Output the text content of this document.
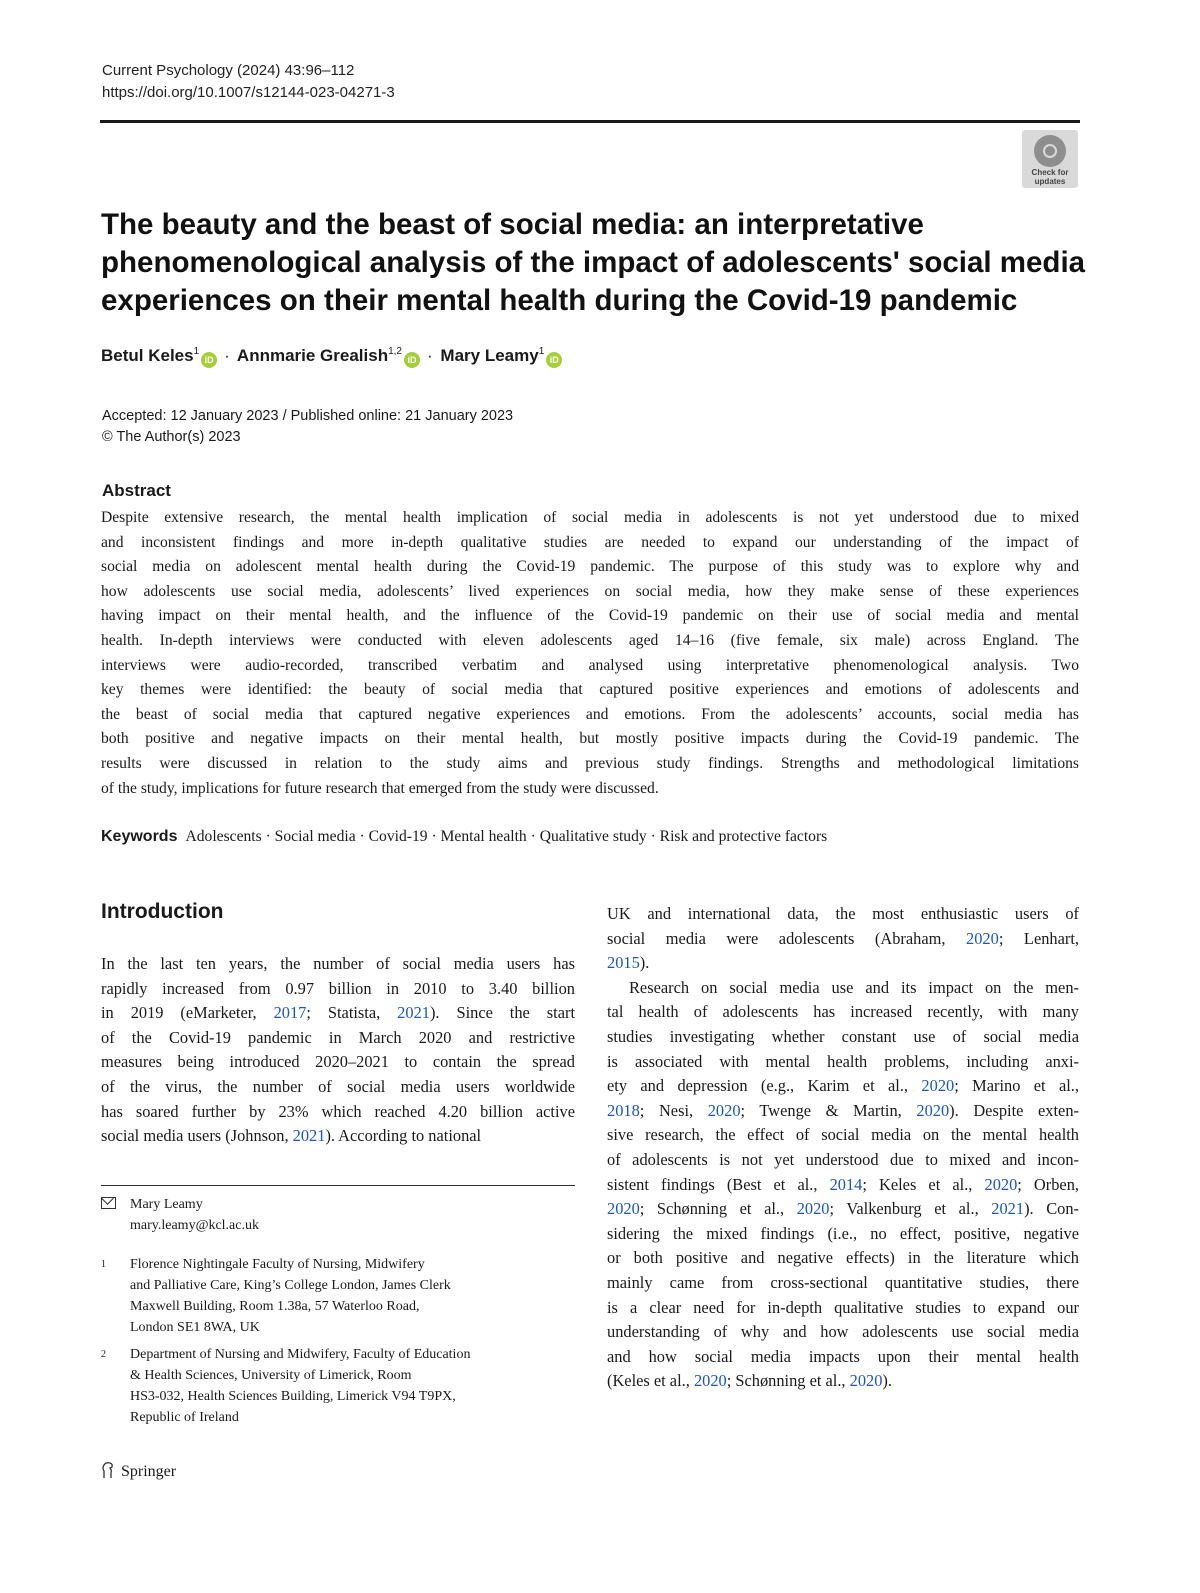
Current Psychology (2024) 43:96–112
https://doi.org/10.1007/s12144-023-04271-3
Check for updates
The beauty and the beast of social media: an interpretative
phenomenological analysis of the impact of adolescents' social media
experiences on their mental health during the Covid-19 pandemic
Betul Keles$^1$iD · Annmarie Grealish$^{1,2}$iD · Mary Leamy$^1$iD
Accepted: 12 January 2023 / Published online: 21 January 2023
© The Author(s) 2023
Abstract
Despite extensive research, the mental health implication of social media in adolescents is not yet understood due to mixed
and inconsistent findings and more in-depth qualitative studies are needed to expand our understanding of the impact of
social media on adolescent mental health during the Covid-19 pandemic. The purpose of this study was to explore why and
how adolescents use social media, adolescents’ lived experiences on social media, how they make sense of these experiences
having impact on their mental health, and the influence of the Covid-19 pandemic on their use of social media and mental
health. In-depth interviews were conducted with eleven adolescents aged 14–16 (five female, six male) across England. The
interviews were audio-recorded, transcribed verbatim and analysed using interpretative phenomenological analysis. Two
key themes were identified: the beauty of social media that captured positive experiences and emotions of adolescents and
the beast of social media that captured negative experiences and emotions. From the adolescents’ accounts, social media has
both positive and negative impacts on their mental health, but mostly positive impacts during the Covid-19 pandemic. The
results were discussed in relation to the study aims and previous study findings. Strengths and methodological limitations
of the study, implications for future research that emerged from the study were discussed.
Keywords Adolescents · Social media · Covid-19 · Mental health · Qualitative study · Risk and protective factors
Introduction
In the last ten years, the number of social media users has
rapidly increased from 0.97 billion in 2010 to 3.40 billion
in 2019 (eMarketer, 2017; Statista, 2021). Since the start
of the Covid-19 pandemic in March 2020 and restrictive
measures being introduced 2020–2021 to contain the spread
of the virus, the number of social media users worldwide
has soared further by 23% which reached 4.20 billion active
social media users (Johnson, 2021). According to national
UK and international data, the most enthusiastic users of
social media were adolescents (Abraham, 2020; Lenhart,
2015).
Research on social media use and its impact on the men-
tal health of adolescents has increased recently, with many
studies investigating whether constant use of social media
is associated with mental health problems, including anxi-
ety and depression (e.g., Karim et al., 2020; Marino et al.,
2018; Nesi, 2020; Twenge & Martin, 2020). Despite exten-
sive research, the effect of social media on the mental health
of adolescents is not yet understood due to mixed and incon-
sistent findings (Best et al., 2014; Keles et al., 2020; Orben,
2020; Schønning et al., 2020; Valkenburg et al., 2021). Con-
sidering the mixed findings (i.e., no effect, positive, negative
or both positive and negative effects) in the literature which
mainly came from cross-sectional quantitative studies, there
is a clear need for in-depth qualitative studies to expand our
understanding of why and how adolescents use social media
and how social media impacts upon their mental health
(Keles et al., 2020; Schønning et al., 2020).
Mary Leamy
mary.leamy@kcl.ac.uk
1 Florence Nightingale Faculty of Nursing, Midwifery
and Palliative Care, King’s College London, James Clerk
Maxwell Building, Room 1.38a, 57 Waterloo Road,
London SE1 8WA, UK
2 Department of Nursing and Midwifery, Faculty of Education
& Health Sciences, University of Limerick, Room
HS3-032, Health Sciences Building, Limerick V94 T9PX,
Republic of Ireland
Springer
